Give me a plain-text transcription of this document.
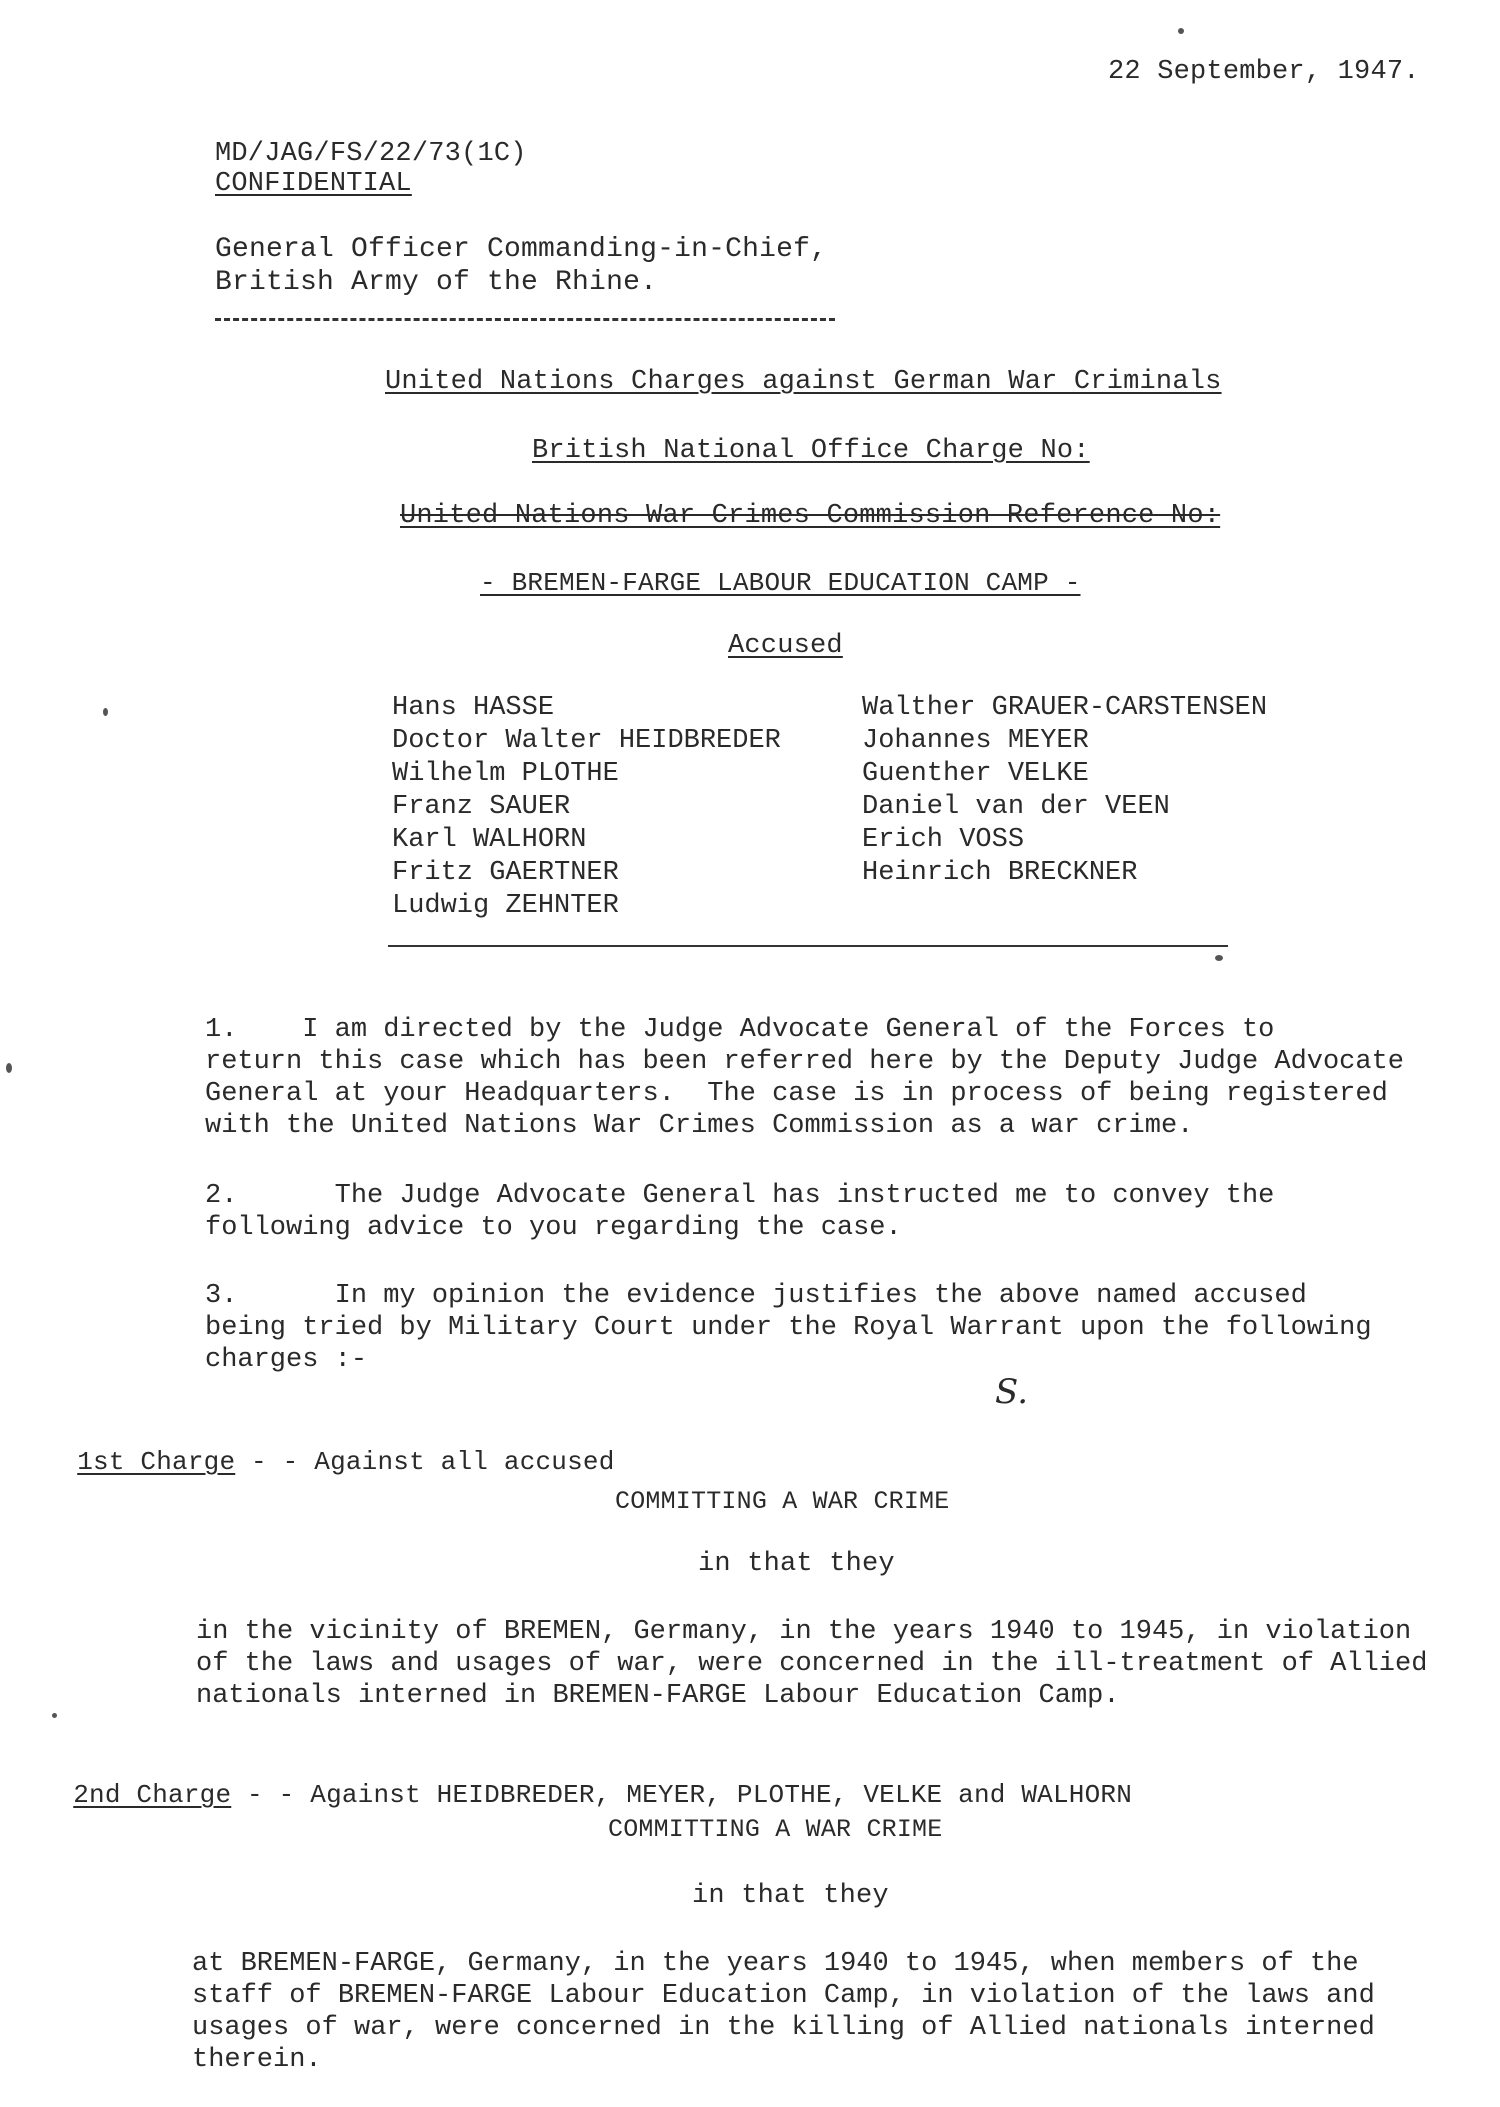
22 September, 1947.
MD/JAG/FS/22/73(1C)
CONFIDENTIAL
General Officer Commanding-in-Chief,
British Army of the Rhine.
United Nations Charges against German War Criminals
British National Office Charge No:
United Nations War Crimes Commission Reference No:
- BREMEN-FARGE LABOUR EDUCATION CAMP -
Accused
Hans HASSE
Doctor Walter HEIDBREDER
Wilhelm PLOTHE
Franz SAUER
Karl WALHORN
Fritz GAERTNER
Ludwig ZEHNTER
Walther GRAUER-CARSTENSEN
Johannes MEYER
Guenther VELKE
Daniel van der VEEN
Erich VOSS
Heinrich BRECKNER
1.    I am directed by the Judge Advocate General of the Forces to
return this case which has been referred here by the Deputy Judge Advocate
General at your Headquarters.  The case is in process of being registered
with the United Nations War Crimes Commission as a war crime.
2.      The Judge Advocate General has instructed me to convey the
following advice to you regarding the case.
3.      In my opinion the evidence justifies the above named accused
being tried by Military Court under the Royal Warrant upon the following
charges :-
S.

1st Charge - - Against all accused

COMMITTING A WAR CRIME
in that they
in the vicinity of BREMEN, Germany, in the years 1940 to 1945, in violation
of the laws and usages of war, were concerned in the ill-treatment of Allied
nationals interned in BREMEN-FARGE Labour Education Camp.

2nd Charge - - Against HEIDBREDER, MEYER, PLOTHE, VELKE and WALHORN

COMMITTING A WAR CRIME
in that they
at BREMEN-FARGE, Germany, in the years 1940 to 1945, when members of the
staff of BREMEN-FARGE Labour Education Camp, in violation of the laws and
usages of war, were concerned in the killing of Allied nationals interned
therein.
